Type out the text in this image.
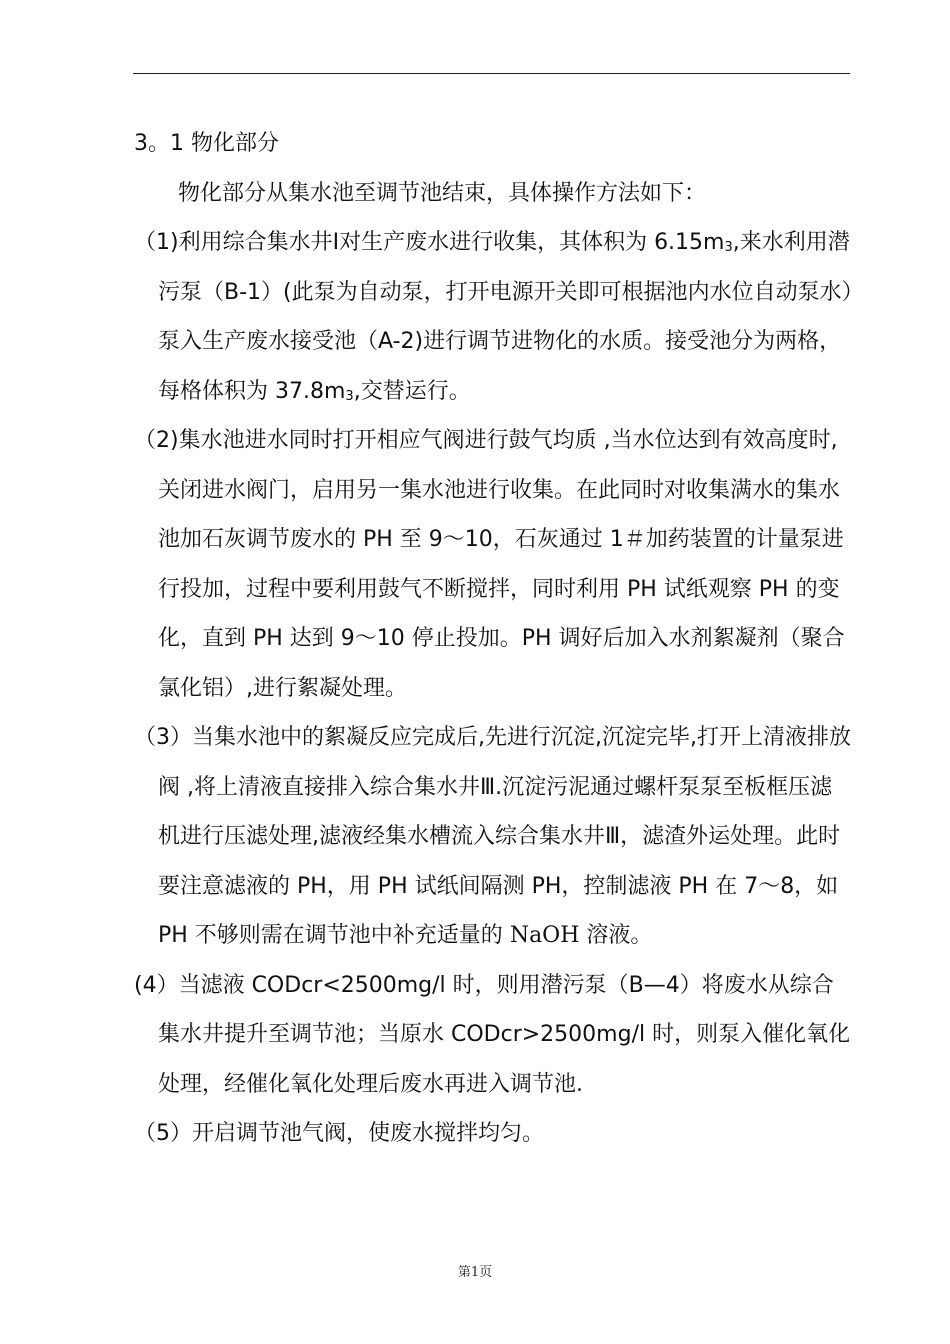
3。1 物化部分

物化部分从集水池至调节池结束，具体操作方法如下：

（1)利用综合集水井Ⅰ对生产废水进行收集，其体积为 $6.15m_3$,来水利用潜污泵（B-1）(此泵为自动泵，打开电源开关即可根据池内水位自动泵水）泵入生产废水接受池（A-2)进行调节进物化的水质。接受池分为两格，每格体积为 $37.8m_3$,交替运行。

（2)集水池进水同时打开相应气阀进行鼓气均质 ,当水位达到有效高度时,关闭进水阀门，启用另一集水池进行收集。在此同时对收集满水的集水池加石灰调节废水的 PH 至 9～10，石灰通过 1＃加药装置的计量泵进行投加，过程中要利用鼓气不断搅拌，同时利用 PH 试纸观察 PH 的变化，直到 PH 达到 9～10 停止投加。PH 调好后加入水剂絮凝剂（聚合氯化铝）,进行絮凝处理。

（3）当集水池中的絮凝反应完成后,先进行沉淀,沉淀完毕,打开上清液排放阀 ,将上清液直接排入综合集水井Ⅲ.沉淀污泥通过螺杆泵泵至板框压滤机进行压滤处理,滤液经集水槽流入综合集水井Ⅲ，滤渣外运处理。此时要注意滤液的 PH，用 PH 试纸间隔测 PH，控制滤液 PH 在 7～8，如 PH 不够则需在调节池中补充适量的 NaOH 溶液。

(4）当滤液 CODcr<2500mg/l 时，则用潜污泵（B—4）将废水从综合集水井提升至调节池；当原水 CODcr>2500mg/l 时，则泵入催化氧化处理，经催化氧化处理后废水再进入调节池.

（5）开启调节池气阀，使废水搅拌均匀。

第1页
